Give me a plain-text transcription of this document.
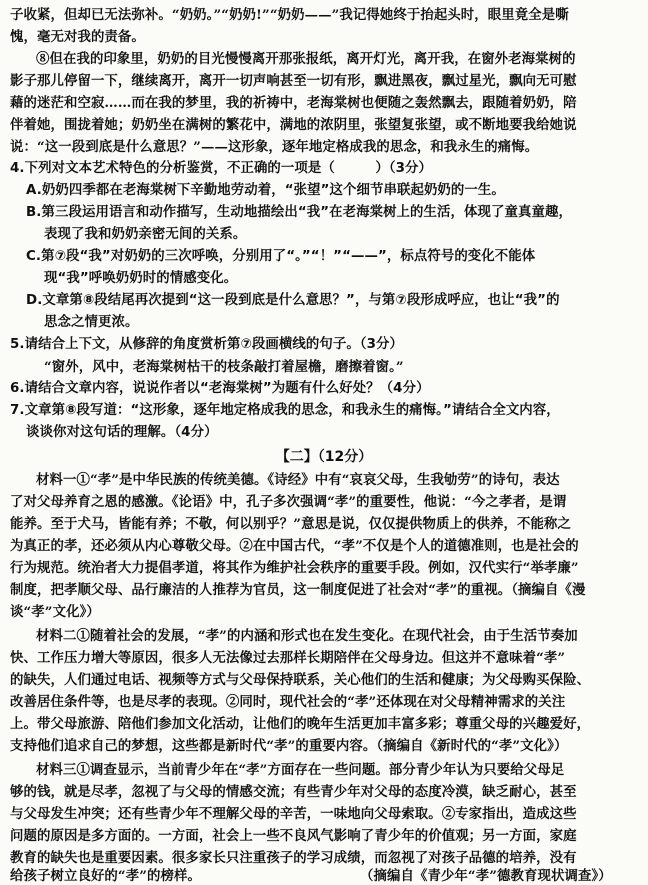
子收紧，但却已无法弥补。“奶奶。”“奶奶!”“奶奶——”我记得她终于抬起头时，眼里竟全是嘶
愧，毫无对我的责备。
⑧但在我的印象里，奶奶的目光慢慢离开那张报纸，离开灯光，离开我，在窗外老海棠树的
影子那儿停留一下，继续离开，离开一切声响甚至一切有形，飘进黑夜，飘过星光，飘向无可慰
藉的迷茫和空寂……而在我的梦里，我的祈祷中，老海棠树也便随之轰然飘去，跟随着奶奶，陪
伴着她，围拢着她；奶奶坐在满树的繁花中，满地的浓阴里，张望复张望，或不断地要我给她说
说：“这一段到底是什么意思？”——这形象，逐年地定格成我的思念，和我永生的痛悔。
4.下列对文本艺术特色的分析鉴赏，不正确的一项是（　　　）（3分）
A.奶奶四季都在老海棠树下辛勤地劳动着，“张望”这个细节串联起奶奶的一生。
B.第三段运用语言和动作描写，生动地描绘出“我”在老海棠树上的生活，体现了童真童趣，
表现了我和奶奶亲密无间的关系。
C.第⑦段“我”对奶奶的三次呼唤，分别用了“。”“！”“——”，标点符号的变化不能体
现“我”呼唤奶奶时的情感变化。
D.文章第⑧段结尾再次提到“这一段到底是什么意思？”，与第⑦段形成呼应，也让“我”的
思念之情更浓。
5.请结合上下文，从修辞的角度赏析第⑦段画横线的句子。（3分）
“窗外，风中，老海棠树枯干的枝条敲打着屋檐，磨擦着窗。”
6.请结合文章内容，说说作者以“老海棠树”为题有什么好处？（4分）
7.文章第⑧段写道：“这形象，逐年地定格成我的思念，和我永生的痛悔。”请结合全文内容，
谈谈你对这句话的理解。（4分）
【二】（12分）
材料一①“孝”是中华民族的传统美德。《诗经》中有“哀哀父母，生我劬劳”的诗句，表达
了对父母养育之恩的感激。《论语》中，孔子多次强调“孝”的重要性，他说：“今之孝者，是谓
能养。至于犬马，皆能有养；不敬，何以别乎？”意思是说，仅仅提供物质上的供养，不能称之
为真正的孝，还必须从内心尊敬父母。②在中国古代，“孝”不仅是个人的道德准则，也是社会的
行为规范。统治者大力提倡孝道，将其作为维护社会秩序的重要手段。例如，汉代实行“举孝廉”
制度，把孝顺父母、品行廉洁的人推荐为官员，这一制度促进了社会对“孝”的重视。（摘编自《漫
谈“孝”文化》）
材料二①随着社会的发展，“孝”的内涵和形式也在发生变化。在现代社会，由于生活节奏加
快、工作压力增大等原因，很多人无法像过去那样长期陪伴在父母身边。但这并不意味着“孝”
的缺失，人们通过电话、视频等方式与父母保持联系，关心他们的生活和健康；为父母购买保险、
改善居住条件等，也是尽孝的表现。②同时，现代社会的“孝”还体现在对父母精神需求的关注
上。带父母旅游、陪他们参加文化活动，让他们的晚年生活更加丰富多彩；尊重父母的兴趣爱好，
支持他们追求自己的梦想，这些都是新时代“孝”的重要内容。（摘编自《新时代的“孝”文化》）
材料三①调查显示，当前青少年在“孝”方面存在一些问题。部分青少年认为只要给父母足
够的钱，就是尽孝，忽视了与父母的情感交流；有些青少年对父母的态度冷漠，缺乏耐心，甚至
与父母发生冲突；还有些青少年不理解父母的辛苦，一味地向父母索取。②专家指出，造成这些
问题的原因是多方面的。一方面，社会上一些不良风气影响了青少年的价值观；另一方面，家庭
教育的缺失也是重要因素。很多家长只注重孩子的学习成绩，而忽视了对孩子品德的培养，没有
给孩子树立良好的“孝”的榜样。	（摘编自《青少年“孝”德教育现状调查》）
